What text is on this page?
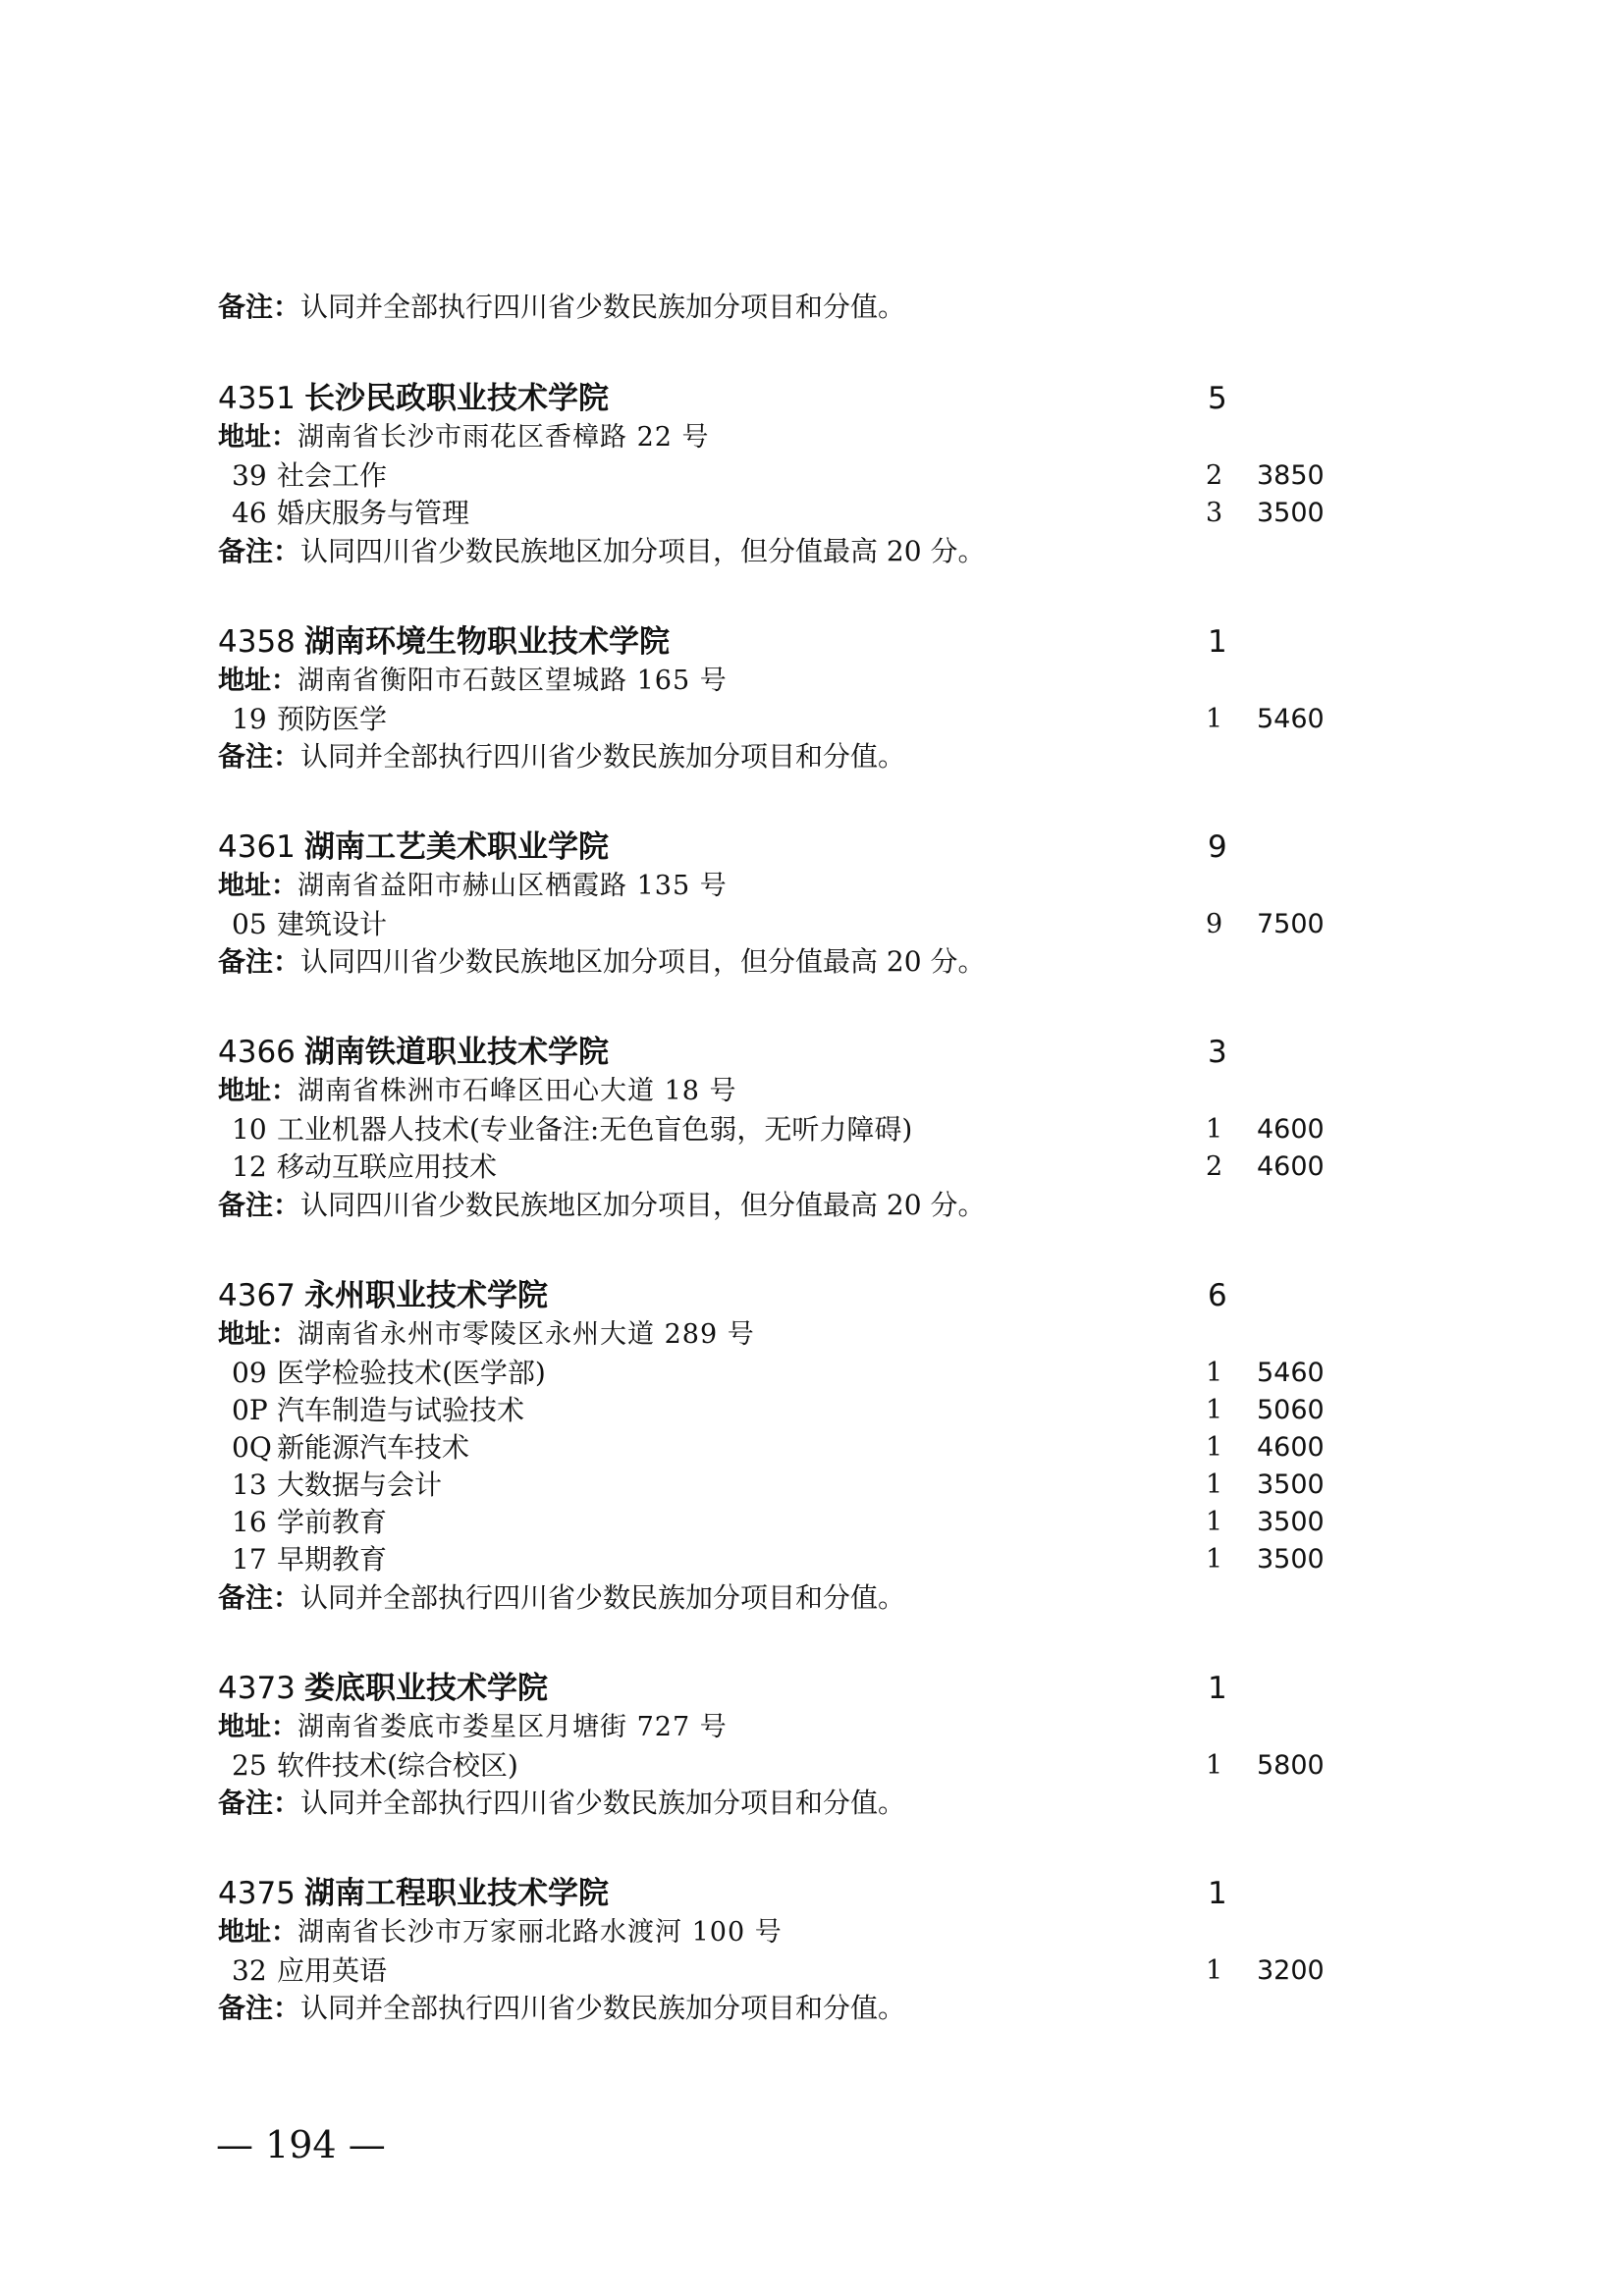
备注：认同并全部执行四川省少数民族加分项目和分值。
4351 长沙民政职业技术学院	5
地址：湖南省长沙市雨花区香樟路 22 号
39 社会工作	2 3850
46 婚庆服务与管理	3 3500
备注：认同四川省少数民族地区加分项目，但分值最高 20 分。
4358 湖南环境生物职业技术学院	1
地址：湖南省衡阳市石鼓区望城路 165 号
19 预防医学	1 5460
备注：认同并全部执行四川省少数民族加分项目和分值。
4361 湖南工艺美术职业学院	9
地址：湖南省益阳市赫山区栖霞路 135 号
05 建筑设计	9 7500
备注：认同四川省少数民族地区加分项目，但分值最高 20 分。
4366 湖南铁道职业技术学院	3
地址：湖南省株洲市石峰区田心大道 18 号
10 工业机器人技术(专业备注:无色盲色弱，无听力障碍)	1 4600
12 移动互联应用技术	2 4600
备注：认同四川省少数民族地区加分项目，但分值最高 20 分。
4367 永州职业技术学院	6
地址：湖南省永州市零陵区永州大道 289 号
09 医学检验技术(医学部)	1 5460
0P 汽车制造与试验技术	1 5060
0Q 新能源汽车技术	1 4600
13 大数据与会计	1 3500
16 学前教育	1 3500
17 早期教育	1 3500
备注：认同并全部执行四川省少数民族加分项目和分值。
4373 娄底职业技术学院	1
地址：湖南省娄底市娄星区月塘街 727 号
25 软件技术(综合校区)	1 5800
备注：认同并全部执行四川省少数民族加分项目和分值。
4375 湖南工程职业技术学院	1
地址：湖南省长沙市万家丽北路水渡河 100 号
32 应用英语	1 3200
备注：认同并全部执行四川省少数民族加分项目和分值。
— 194 —
